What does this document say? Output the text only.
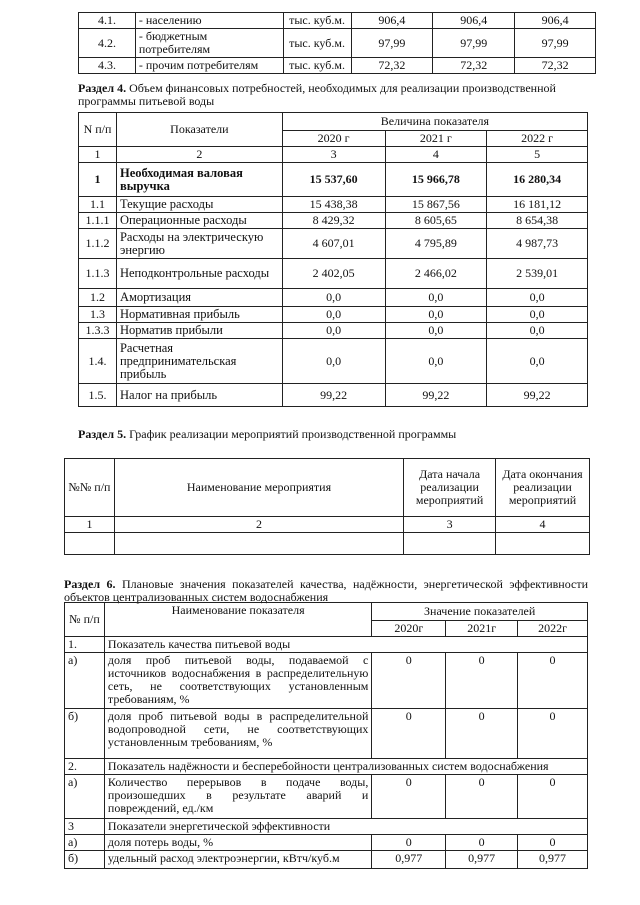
4.1.	- населению	тыс. куб.м.	906,4	906,4	906,4
4.2.	- бюджетным потребителям	тыс. куб.м.	97,99	97,99	97,99
4.3.	- прочим потребителям	тыс. куб.м.	72,32	72,32	72,32
Раздел 4. Объем финансовых потребностей, необходимых для реализации производственной программы питьевой воды
N п/п	Показатели	Величина показателя		
		2020 г	2021 г	2022 г
1	2	3	4	5
1	Необходимая валовая выручка	15 537,60	15 966,78	16 280,34
1.1	Текущие расходы	15 438,38	15 867,56	16 181,12
1.1.1	Операционные расходы	8 429,32	8 605,65	8 654,38
1.1.2	Расходы на электрическую энергию	4 607,01	4 795,89	4 987,73
1.1.3	Неподконтрольные расходы	2 402,05	2 466,02	2 539,01
1.2	Амортизация	0,0	0,0	0,0
1.3	Нормативная прибыль	0,0	0,0	0,0
1.3.3	Норматив прибыли	0,0	0,0	0,0
1.4.	Расчетная предпринимательская прибыль	0,0	0,0	0,0
1.5.	Налог на прибыль	99,22	99,22	99,22
Раздел 5. График реализации мероприятий производственной программы
№№ п/п	Наименование мероприятия	Дата начала реализации мероприятий	Дата окончания реализации мероприятий
1	2	3	4

Раздел 6. Плановые значения показателей качества, надёжности, энергетической эффективности объектов централизованных систем водоснабжения
№ п/п	Наименование показателя	Значение показателей		
		2020г	2021г	2022г
1.	Показатель качества питьевой воды			
а)	доля проб питьевой воды, подаваемой с источников водоснабжения в распределительную сеть, не соответствующих установленным требованиям, %	0	0	0
б)	доля проб питьевой воды в распределительной водопроводной сети, не соответствующих установленным требованиям, %	0	0	0
2.	Показатель надёжности и бесперебойности централизованных систем водоснабжения			
а)	Количество перерывов в подаче воды, произошедших в результате аварий и повреждений, ед./км	0	0	0
3	Показатели энергетической эффективности			
а)	доля потерь воды, %	0	0	0
б)	удельный расход электроэнергии, кВтч/куб.м	0,977	0,977	0,977
